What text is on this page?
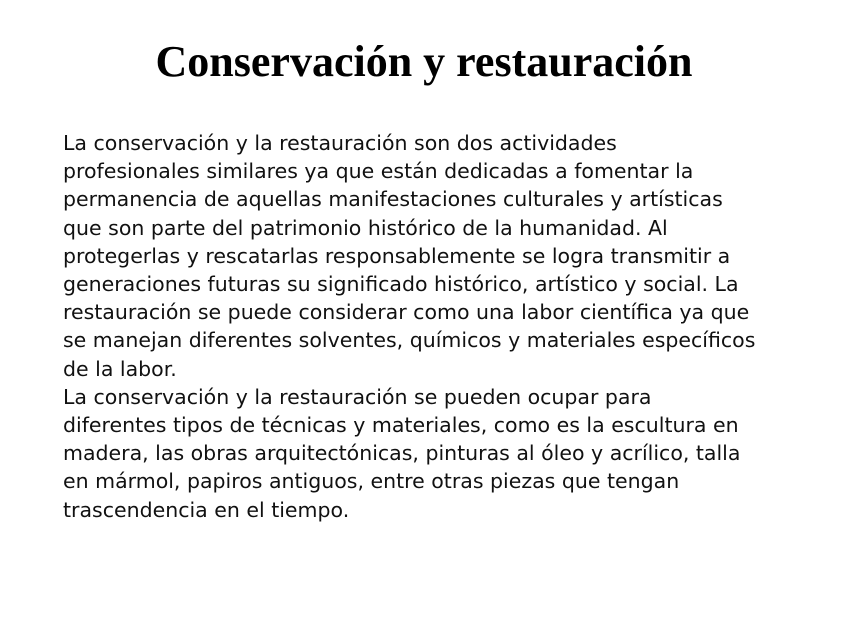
Conservación y restauración

La conservación y la restauración son dos actividades
profesionales similares ya que están dedicadas a fomentar la
permanencia de aquellas manifestaciones culturales y artísticas
que son parte del patrimonio histórico de la humanidad. Al
protegerlas y rescatarlas responsablemente se logra transmitir a
generaciones futuras su significado histórico, artístico y social. La
restauración se puede considerar como una labor científica ya que
se manejan diferentes solventes, químicos y materiales específicos
de la labor.

La conservación y la restauración se pueden ocupar para
diferentes tipos de técnicas y materiales, como es la escultura en
madera, las obras arquitectónicas, pinturas al óleo y acrílico, talla
en mármol, papiros antiguos, entre otras piezas que tengan
trascendencia en el tiempo.
